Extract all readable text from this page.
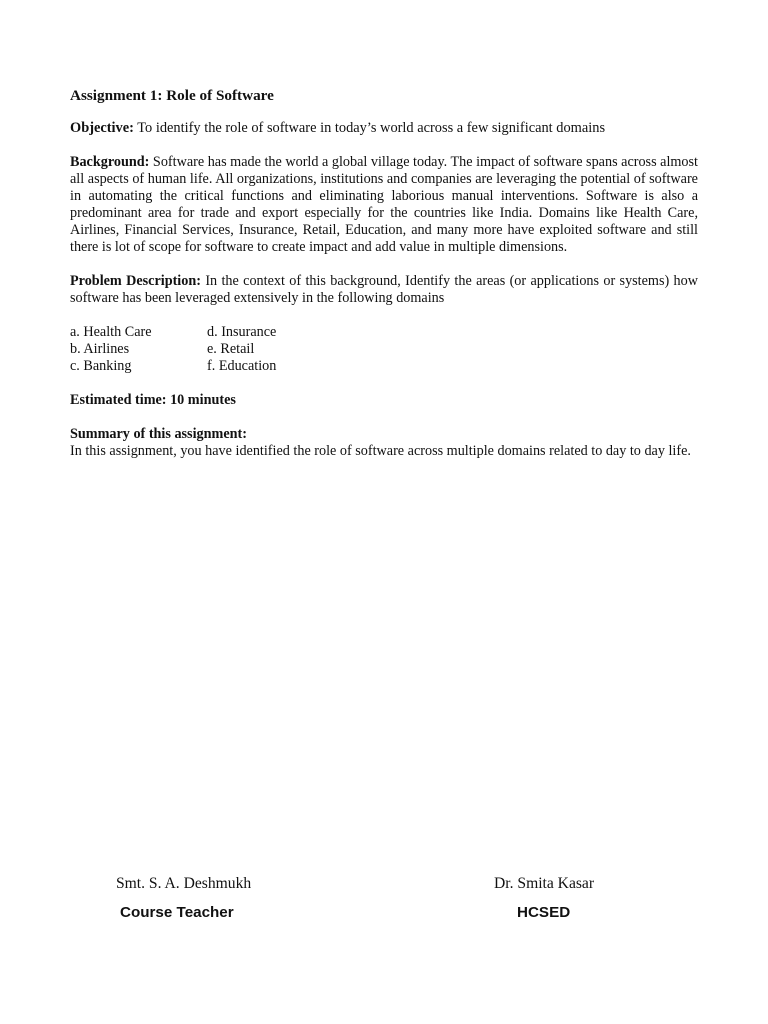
Assignment 1: Role of Software

Objective: To identify the role of software in today’s world across a few significant domains

Background: Software has made the world a global village today. The impact of software spans across almost all aspects of human life. All organizations, institutions and companies are leveraging the potential of software in automating the critical functions and eliminating laborious manual interventions. Software is also a predominant area for trade and export especially for the countries like India. Domains like Health Care, Airlines, Financial Services, Insurance, Retail, Education, and many more have exploited software and still there is lot of scope for software to create impact and add value in multiple dimensions.

Problem Description: In the context of this background, Identify the areas (or applications or systems) how software has been leveraged extensively in the following domains

a. Health Care	d. Insurance
b. Airlines	e. Retail
c. Banking	f. Education
Estimated time: 10 minutes
Summary of this assignment:
In this assignment, you have identified the role of software across multiple domains related to day to day life.
Smt. S. A. Deshmukh
Course Teacher
Dr. Smita Kasar
HCSED
